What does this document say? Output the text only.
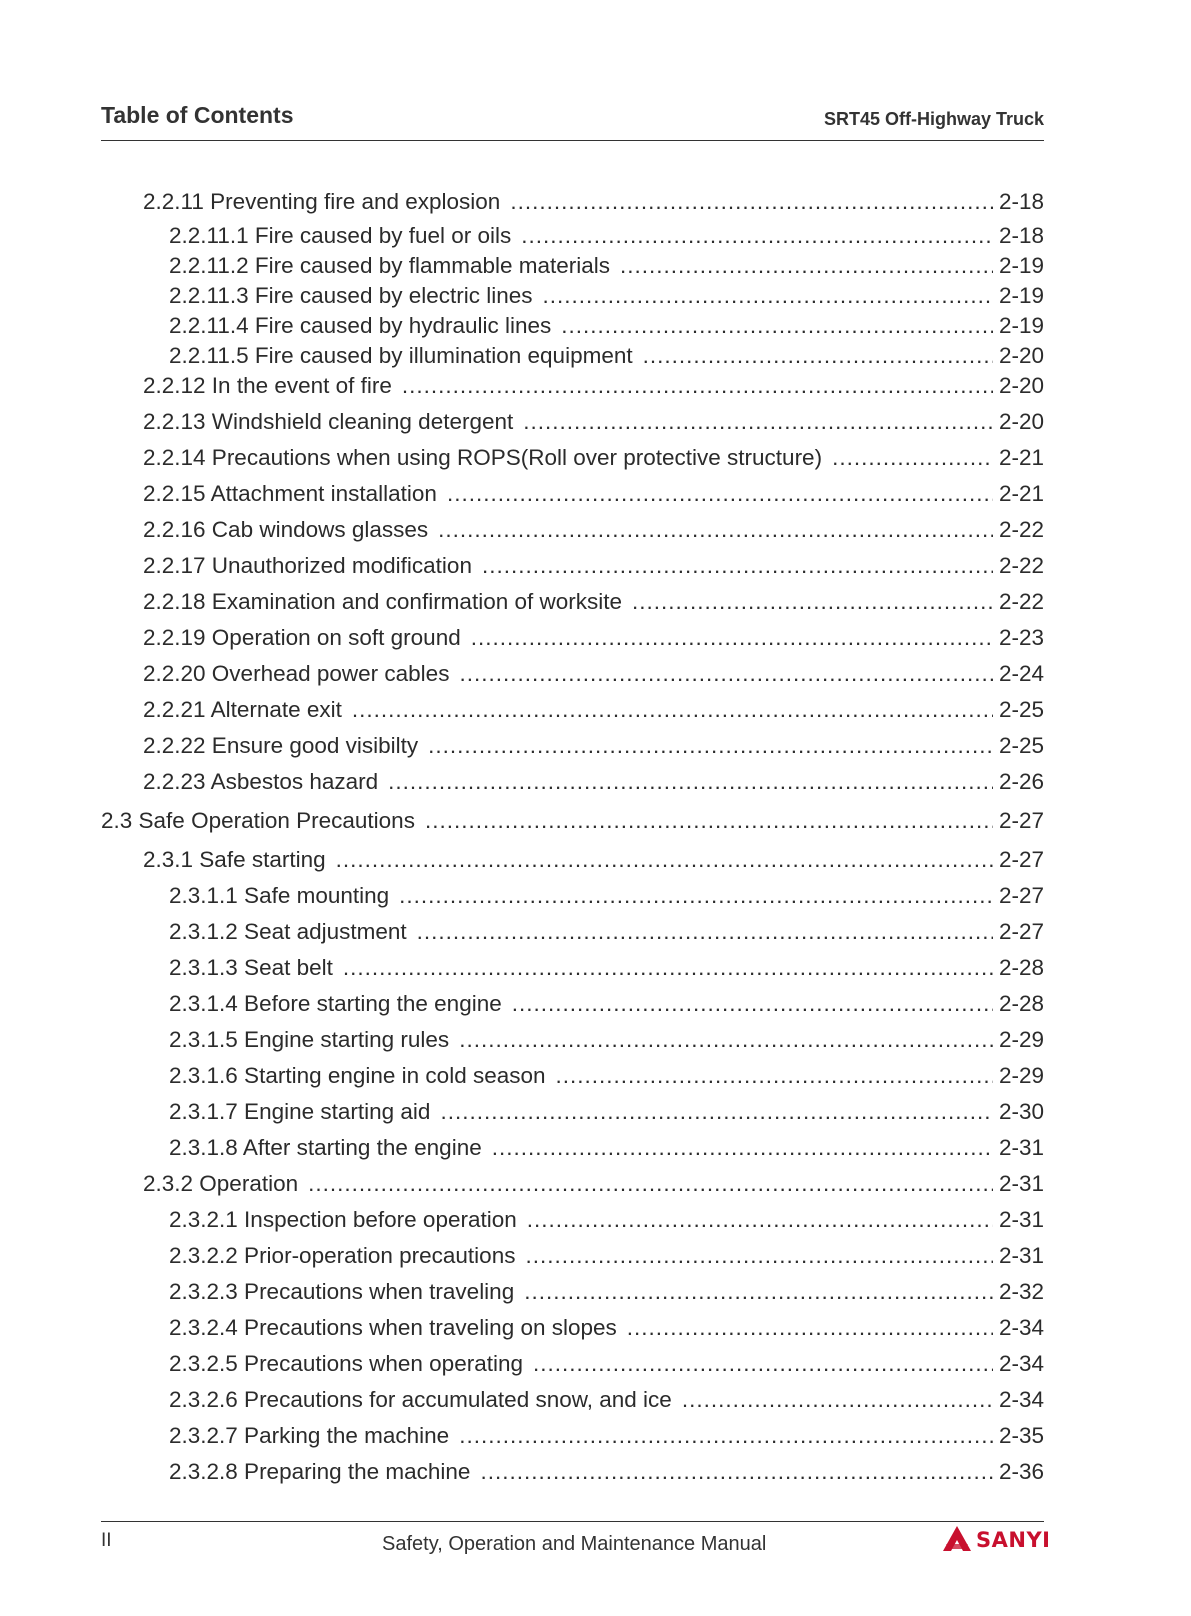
Table of Contents	SRT45 Off-Highway Truck
2.2.11 Preventing fire and explosion .....	2-18
2.2.11.1 Fire caused by fuel or oils .....	2-18
2.2.11.2 Fire caused by flammable materials .....	2-19
2.2.11.3 Fire caused by electric lines .....	2-19
2.2.11.4 Fire caused by hydraulic lines .....	2-19
2.2.11.5 Fire caused by illumination equipment .....	2-20
2.2.12 In the event of fire .....	2-20
2.2.13 Windshield cleaning detergent .....	2-20
2.2.14 Precautions when using ROPS(Roll over protective structure) .....	2-21
2.2.15 Attachment installation .....	2-21
2.2.16 Cab windows glasses .....	2-22
2.2.17 Unauthorized modification .....	2-22
2.2.18 Examination and confirmation of worksite .....	2-22
2.2.19 Operation on soft ground .....	2-23
2.2.20 Overhead power cables .....	2-24
2.2.21 Alternate exit .....	2-25
2.2.22 Ensure good visibilty .....	2-25
2.2.23 Asbestos hazard .....	2-26
2.3 Safe Operation Precautions .....	2-27
2.3.1 Safe starting .....	2-27
2.3.1.1 Safe mounting .....	2-27
2.3.1.2 Seat adjustment .....	2-27
2.3.1.3 Seat belt .....	2-28
2.3.1.4 Before starting the engine .....	2-28
2.3.1.5 Engine starting rules .....	2-29
2.3.1.6 Starting engine in cold season .....	2-29
2.3.1.7 Engine starting aid .....	2-30
2.3.1.8 After starting the engine .....	2-31
2.3.2 Operation .....	2-31
2.3.2.1 Inspection before operation .....	2-31
2.3.2.2 Prior-operation precautions .....	2-31
2.3.2.3 Precautions when traveling .....	2-32
2.3.2.4 Precautions when traveling on slopes .....	2-34
2.3.2.5 Precautions when operating .....	2-34
2.3.2.6 Precautions for accumulated snow, and ice .....	2-34
2.3.2.7 Parking the machine .....	2-35
2.3.2.8 Preparing the machine .....	2-36
II	Safety, Operation and Maintenance Manual	SANYI
